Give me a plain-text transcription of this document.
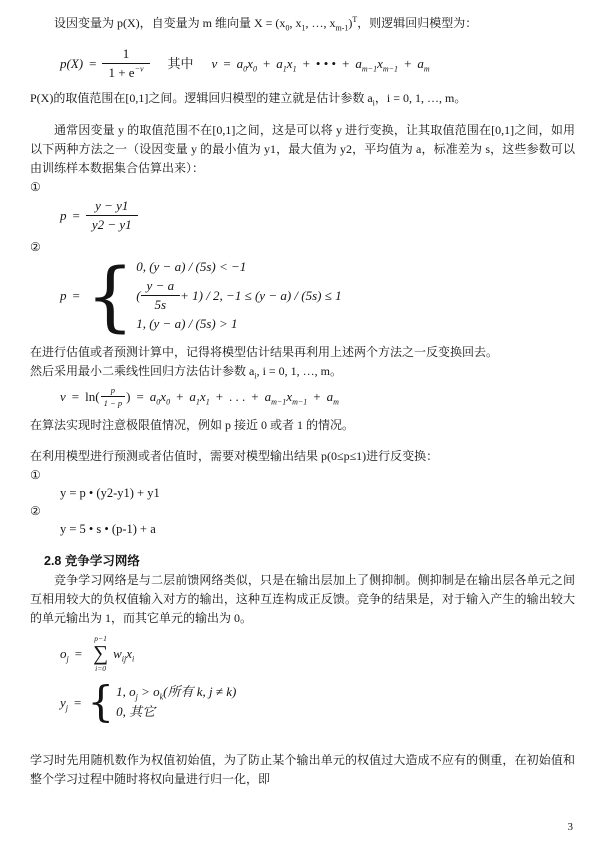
设因变量为 p(X)，自变量为 m 维向量 $X = (x_0$, $x_1$, …, $x_{m-1})^T$，则逻辑回归模型为：

$p(X) = \frac{1}{1 + e^{-v}}$ 其中 $v = a_0x_0 + a_1x_1$ + • • • + $a_{m-1}x_{m-1} + a_m$

P(X)的取值范围在[0,1]之间。逻辑回归模型的建立就是估计参数 $a_i$，i = 0, 1, …, m。

通常因变量 y 的取值范围不在[0,1]之间，这是可以将 y 进行变换，让其取值范围在[0,1]之间，如用以下两种方法之一（设因变量 y 的最小值为 y1，最大值为 y2，平均值为 a，标准差为 s，这些参数可以由训练样本数据集合估算出来）：

①

$p = \frac{y - y1}{y2 - y1}$

②

p = { 0, (y − a) / (5s) < −1
( $\frac{y - a}{5s} + 1) / 2$, −1 ≤ (y − a) / (5s) ≤ 1
1, (y − a) / (5s) > 1

在进行估值或者预测计算中，记得将模型估计结果再利用上述两个方法之一反变换回去。

然后采用最小二乘线性回归方法估计参数 $a_i$, i = 0, 1, …, m。

$v = \ln( \frac{p}{1 - p}$ ) = $a_0x_0 + a_1x_1$ + . . . + $a_{m-1}x_{m-1} + a_m$

在算法实现时注意极限值情况，例如 p 接近 0 或者 1 的情况。

在利用模型进行预测或者估值时，需要对模型输出结果 p(0≤p≤1)进行反变换：

①

y = p • (y2-y1) + y1

②

y = 5 • s • (p-1) + a

2.8 竞争学习网络

竞争学习网络是与二层前馈网络类似，只是在输出层加上了侧抑制。侧抑制是在输出层各单元之间互相用较大的负权值输入对方的输出，这种互连构成正反馈。竞争的结果是，对于输入产生的输出较大的单元输出为 1，而其它单元的输出为 0。

$o_j$ =
p−1
∑
i=0
$w_{ij}x_i$
$y_j$ = { 1, $o_j > o_k$(所有 k, j ≠ k)
0, 其它

学习时先用随机数作为权值初始值，为了防止某个输出单元的权值过大造成不应有的侧重，在初始值和整个学习过程中随时将权向量进行归一化，即

3
